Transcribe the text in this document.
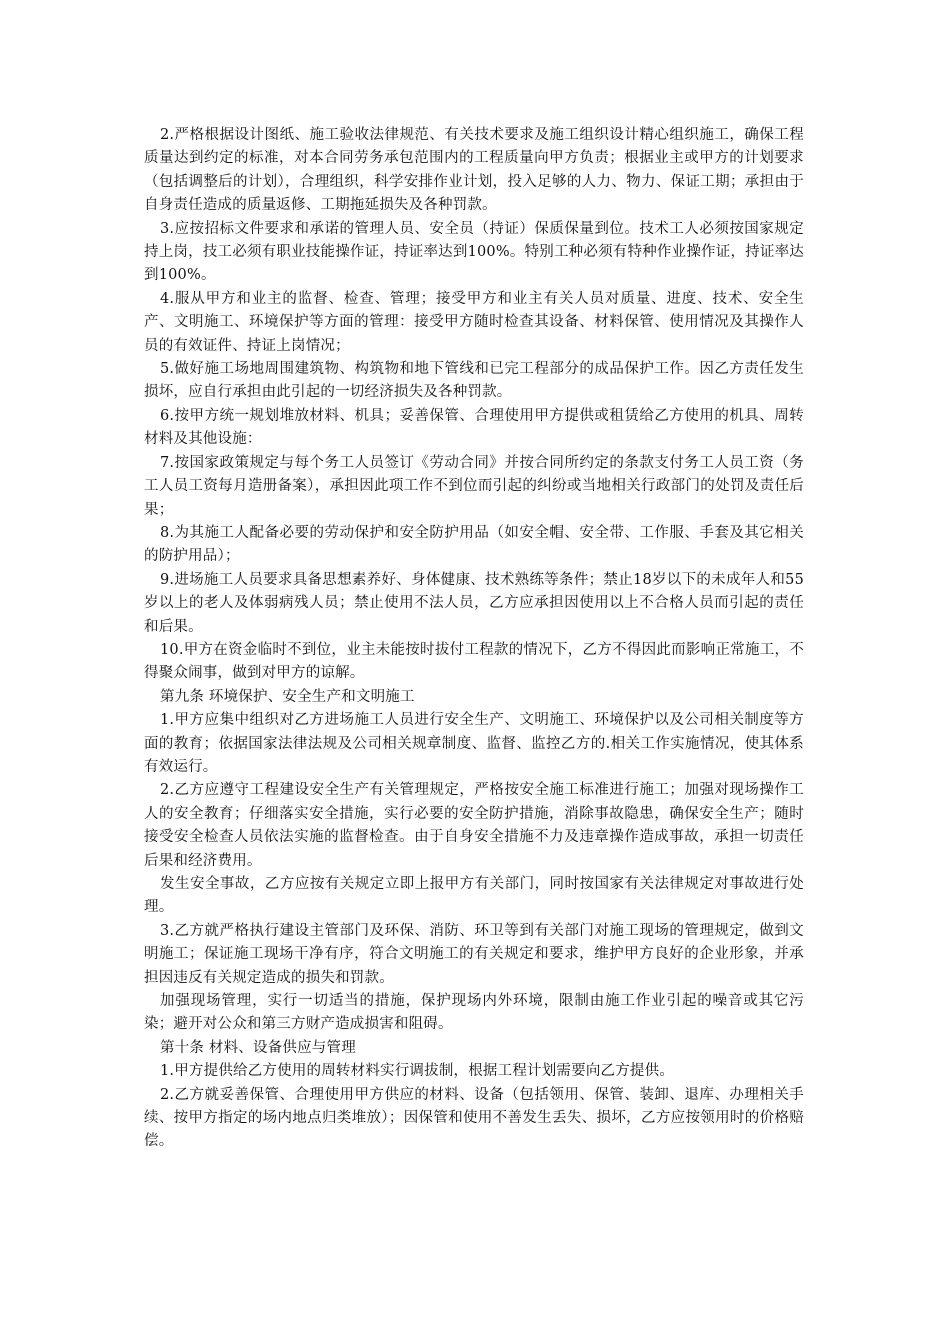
2.严格根据设计图纸、施工验收法律规范、有关技术要求及施工组织设计精心组织施工，确保工程质量达到约定的标准，对本合同劳务承包范围内的工程质量向甲方负责；根据业主或甲方的计划要求（包括调整后的计划），合理组织，科学安排作业计划，投入足够的人力、物力、保证工期；承担由于自身责任造成的质量返修、工期拖延损失及各种罚款。

3.应按招标文件要求和承诺的管理人员、安全员（持证）保质保量到位。技术工人必须按国家规定持上岗，技工必须有职业技能操作证，持证率达到100%。特别工种必须有特种作业操作证，持证率达到100%。

4.服从甲方和业主的监督、检查、管理；接受甲方和业主有关人员对质量、进度、技术、安全生产、文明施工、环境保护等方面的管理：接受甲方随时检查其设备、材料保管、使用情况及其操作人员的有效证件、持证上岗情况；

5.做好施工场地周围建筑物、构筑物和地下管线和已完工程部分的成品保护工作。因乙方责任发生损坏，应自行承担由此引起的一切经济损失及各种罚款。

6.按甲方统一规划堆放材料、机具；妥善保管、合理使用甲方提供或租赁给乙方使用的机具、周转材料及其他设施：

7.按国家政策规定与每个务工人员签订《劳动合同》并按合同所约定的条款支付务工人员工资（务工人员工资每月造册备案），承担因此项工作不到位而引起的纠纷或当地相关行政部门的处罚及责任后果；

8.为其施工人配备必要的劳动保护和安全防护用品（如安全帽、安全带、工作服、手套及其它相关的防护用品）；

9.进场施工人员要求具备思想素养好、身体健康、技术熟练等条件；禁止18岁以下的未成年人和55岁以上的老人及体弱病残人员；禁止使用不法人员，乙方应承担因使用以上不合格人员而引起的责任和后果。

10.甲方在资金临时不到位，业主未能按时拔付工程款的情况下，乙方不得因此而影响正常施工，不得聚众闹事，做到对甲方的谅解。

第九条 环境保护、安全生产和文明施工

1.甲方应集中组织对乙方进场施工人员进行安全生产、文明施工、环境保护以及公司相关制度等方面的教育；依据国家法律法规及公司相关规章制度、监督、监控乙方的.相关工作实施情况，使其体系有效运行。

2.乙方应遵守工程建设安全生产有关管理规定，严格按安全施工标准进行施工；加强对现场操作工人的安全教育；仔细落实安全措施，实行必要的安全防护措施，消除事故隐患，确保安全生产；随时接受安全检查人员依法实施的监督检查。由于自身安全措施不力及违章操作造成事故，承担一切责任后果和经济费用。

发生安全事故，乙方应按有关规定立即上报甲方有关部门，同时按国家有关法律规定对事故进行处理。

3.乙方就严格执行建设主管部门及环保、消防、环卫等到有关部门对施工现场的管理规定，做到文明施工；保证施工现场干净有序，符合文明施工的有关规定和要求，维护甲方良好的企业形象，并承担因违反有关规定造成的损失和罚款。

加强现场管理，实行一切适当的措施，保护现场内外环境，限制由施工作业引起的噪音或其它污染；避开对公众和第三方财产造成损害和阻碍。

第十条 材料、设备供应与管理

1.甲方提供给乙方使用的周转材料实行调拔制，根据工程计划需要向乙方提供。

2.乙方就妥善保管、合理使用甲方供应的材料、设备（包括领用、保管、装卸、退库、办理相关手续、按甲方指定的场内地点归类堆放）；因保管和使用不善发生丢失、损坏，乙方应按领用时的价格赔偿。
